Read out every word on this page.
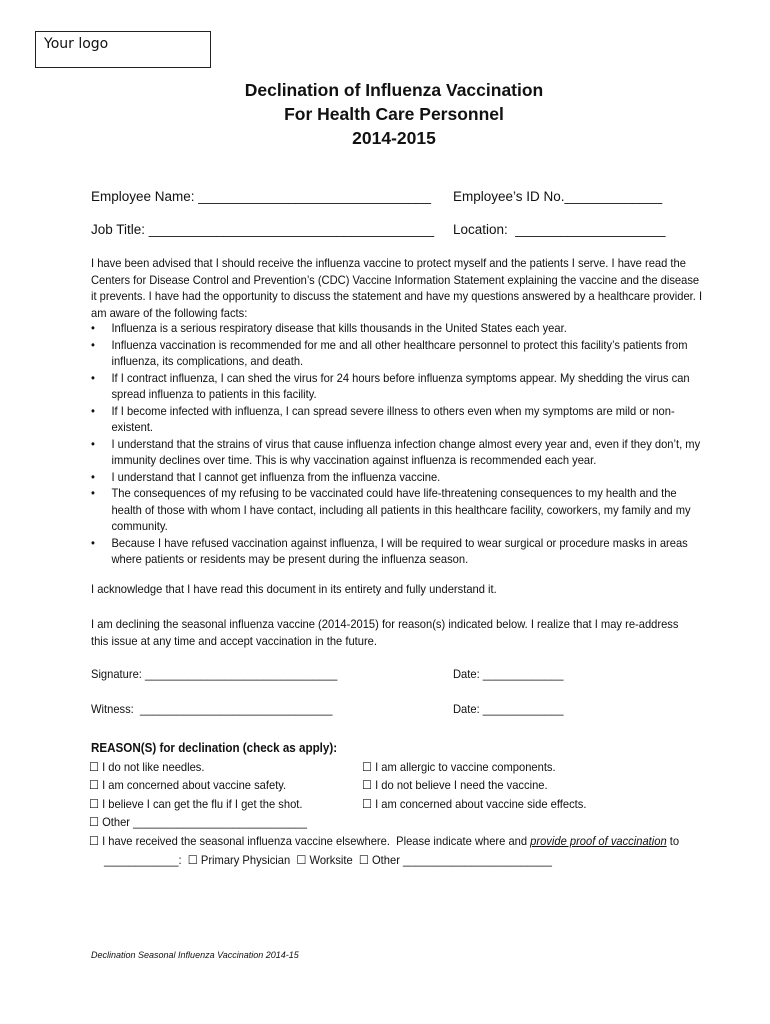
Your logo
Declination of Influenza Vaccination
For Health Care Personnel
2014-2015
Employee Name: _______________________________ Employee’s ID No._____________
Job Title: ______________________________________ Location:  ____________________
I have been advised that I should receive the influenza vaccine to protect myself and the patients I serve. I have read the Centers for Disease Control and Prevention’s (CDC) Vaccine Information Statement explaining the vaccine and the disease it prevents. I have had the opportunity to discuss the statement and have my questions answered by a healthcare provider. I am aware of the following facts:
• Influenza is a serious respiratory disease that kills thousands in the United States each year.
• Influenza vaccination is recommended for me and all other healthcare personnel to protect this facility’s patients from influenza, its complications, and death.
• If I contract influenza, I can shed the virus for 24 hours before influenza symptoms appear. My shedding the virus can spread influenza to patients in this facility.
• If I become infected with influenza, I can spread severe illness to others even when my symptoms are mild or non-existent.
• I understand that the strains of virus that cause influenza infection change almost every year and, even if they don’t, my immunity declines over time. This is why vaccination against influenza is recommended each year.
• I understand that I cannot get influenza from the influenza vaccine.
• The consequences of my refusing to be vaccinated could have life-threatening consequences to my health and the health of those with whom I have contact, including all patients in this healthcare facility, coworkers, my family and my community.
• Because I have refused vaccination against influenza, I will be required to wear surgical or procedure masks in areas where patients or residents may be present during the influenza season.
I acknowledge that I have read this document in its entirety and fully understand it.
I am declining the seasonal influenza vaccine (2014-2015) for reason(s) indicated below. I realize that I may re-address this issue at any time and accept vaccination in the future.
Signature: _______________________________	Date: _____________
Witness:  _______________________________	Date: _____________
REASON(S) for declination (check as apply):
☐ I do not like needles.	☐ I am allergic to vaccine components.
☐ I am concerned about vaccine safety.	☐ I do not believe I need the vaccine.
☐ I believe I can get the flu if I get the shot.	☐ I am concerned about vaccine side effects.
☐ Other ____________________________
☐ I have received the seasonal influenza vaccine elsewhere.  Please indicate where and provide proof of vaccination to
____________:  ☐ Primary Physician  ☐ Worksite  ☐ Other ________________________
Declination Seasonal Influenza Vaccination 2014-15
